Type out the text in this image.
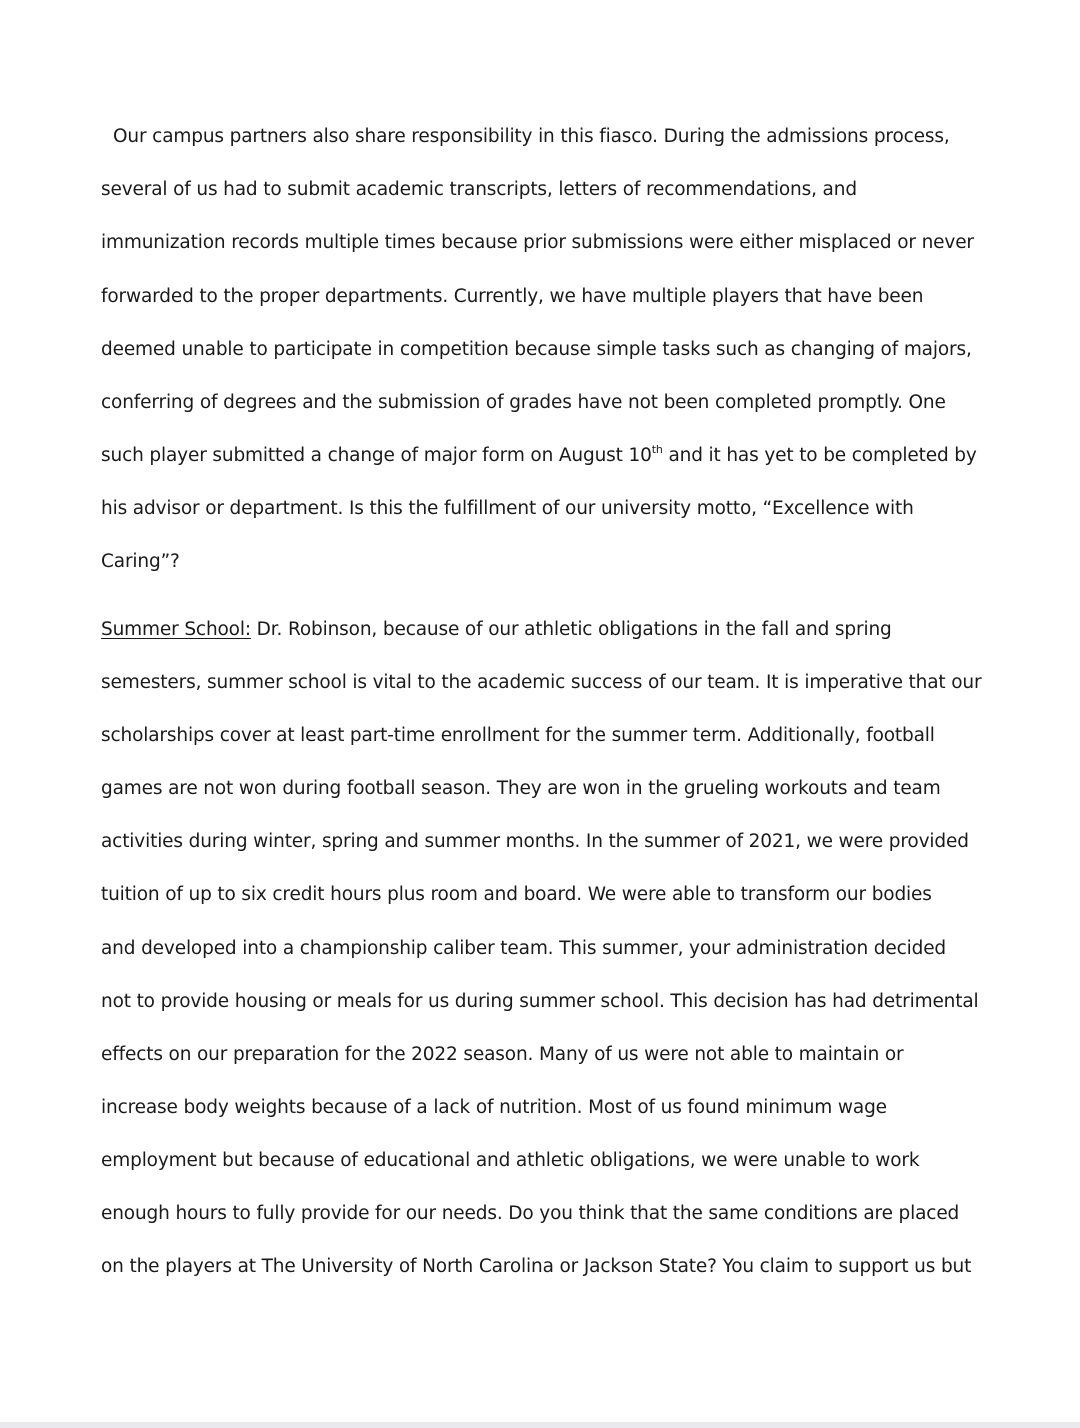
Our campus partners also share responsibility in this fiasco. During the admissions process,
several of us had to submit academic transcripts, letters of recommendations, and
immunization records multiple times because prior submissions were either misplaced or never
forwarded to the proper departments. Currently, we have multiple players that have been
deemed unable to participate in competition because simple tasks such as changing of majors,
conferring of degrees and the submission of grades have not been completed promptly. One
such player submitted a change of major form on August 10th and it has yet to be completed by
his advisor or department. Is this the fulfillment of our university motto, “Excellence with
Caring”?
Summer School: Dr. Robinson, because of our athletic obligations in the fall and spring
semesters, summer school is vital to the academic success of our team. It is imperative that our
scholarships cover at least part-time enrollment for the summer term. Additionally, football
games are not won during football season. They are won in the grueling workouts and team
activities during winter, spring and summer months. In the summer of 2021, we were provided
tuition of up to six credit hours plus room and board. We were able to transform our bodies
and developed into a championship caliber team. This summer, your administration decided
not to provide housing or meals for us during summer school. This decision has had detrimental
effects on our preparation for the 2022 season. Many of us were not able to maintain or
increase body weights because of a lack of nutrition. Most of us found minimum wage
employment but because of educational and athletic obligations, we were unable to work
enough hours to fully provide for our needs. Do you think that the same conditions are placed
on the players at The University of North Carolina or Jackson State? You claim to support us but
